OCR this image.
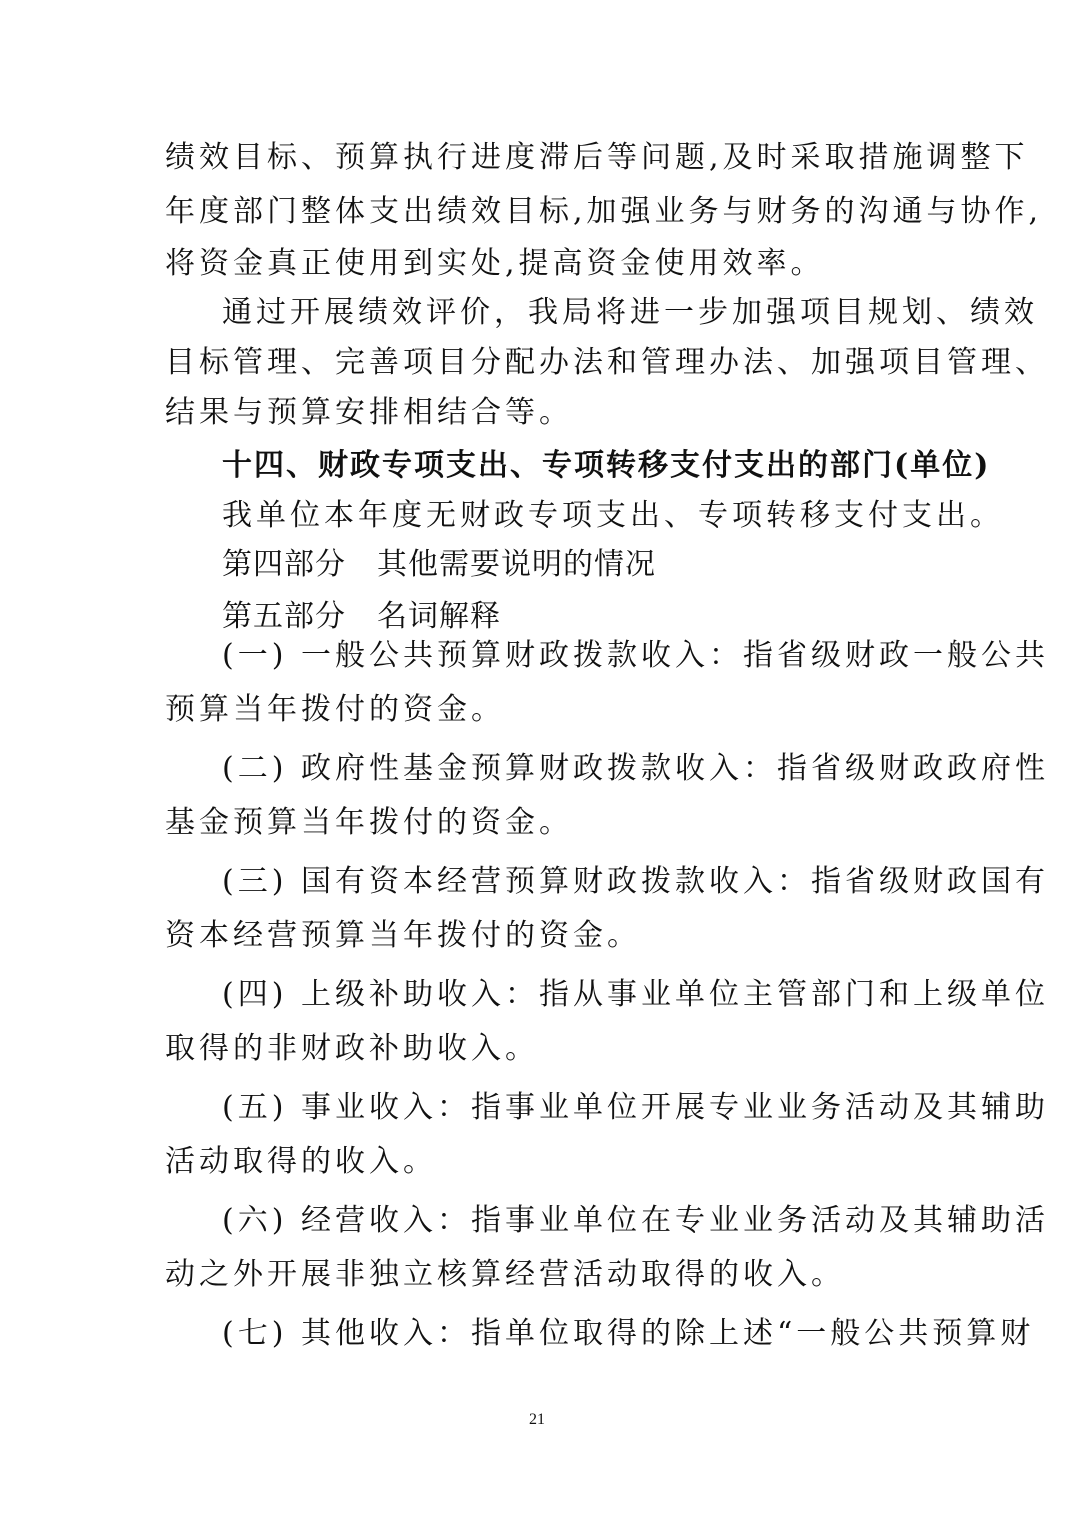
绩效目标、预算执行进度滞后等问题,及时采取措施调整下
年度部门整体支出绩效目标,加强业务与财务的沟通与协作,
将资金真正使用到实处,提高资金使用效率。
通过开展绩效评价，我局将进一步加强项目规划、绩效
目标管理、完善项目分配办法和管理办法、加强项目管理、
结果与预算安排相结合等。
十四、财政专项支出、专项转移支付支出的部门(单位)
我单位本年度无财政专项支出、专项转移支付支出。
第四部分　其他需要说明的情况
第五部分　名词解释
(一) 一般公共预算财政拨款收入：指省级财政一般公共
预算当年拨付的资金。
(二) 政府性基金预算财政拨款收入：指省级财政政府性
基金预算当年拨付的资金。
(三) 国有资本经营预算财政拨款收入：指省级财政国有
资本经营预算当年拨付的资金。
(四) 上级补助收入：指从事业单位主管部门和上级单位
取得的非财政补助收入。
(五) 事业收入：指事业单位开展专业业务活动及其辅助
活动取得的收入。
(六) 经营收入：指事业单位在专业业务活动及其辅助活
动之外开展非独立核算经营活动取得的收入。
(七) 其他收入：指单位取得的除上述“一般公共预算财
21
